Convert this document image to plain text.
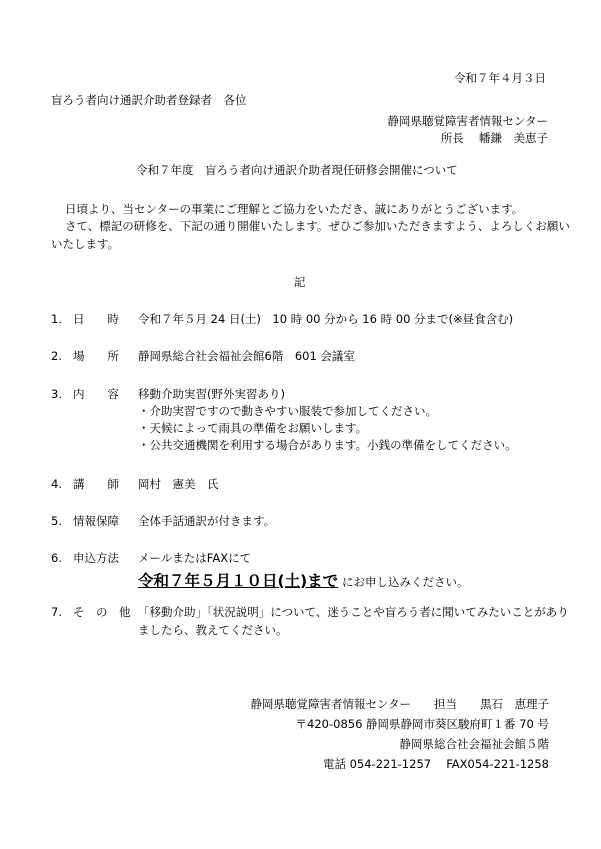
令和７年４月３日
盲ろう者向け通訳介助者登録者　各位
静岡県聴覚障害者情報センター
所長　 幡鎌　美恵子
令和７年度　盲ろう者向け通訳介助者現任研修会開催について
日頃より、当センターの事業にご理解とご協力をいただき、誠にありがとうございます。
さて、標記の研修を、下記の通り開催いたします。ぜひご参加いただきますよう、よろしくお願い
いたします。
記
1. 日　　時 令和７年５月 24 日(土)　10 時 00 分から 16 時 00 分まで(※昼食含む)
2. 場　　所 静岡県総合社会福祉会館6階　601 会議室
3. 内　　容 移動介助実習(野外実習あり)
・介助実習ですので動きやすい服装で参加してください。
・天候によって雨具の準備をお願いします。
・公共交通機関を利用する場合があります。小銭の準備をしてください。
4. 講　　師 岡村　憲美　氏
5. 情報保障 全体手話通訳が付きます。
6. 申込方法 メールまたはFAXにて
令和７年５月１０日(土)まで にお申し込みください。
7. そ　の　他 「移動介助」「状況説明」について、迷うことや盲ろう者に聞いてみたいことがあり
ましたら、教えてください。
静岡県聴覚障害者情報センター　　担当　　黒石　恵理子
〒420-0856 静岡県静岡市葵区駿府町１番 70 号
静岡県総合社会福祉会館５階
電話 054-221-1257　 FAX054-221-1258
